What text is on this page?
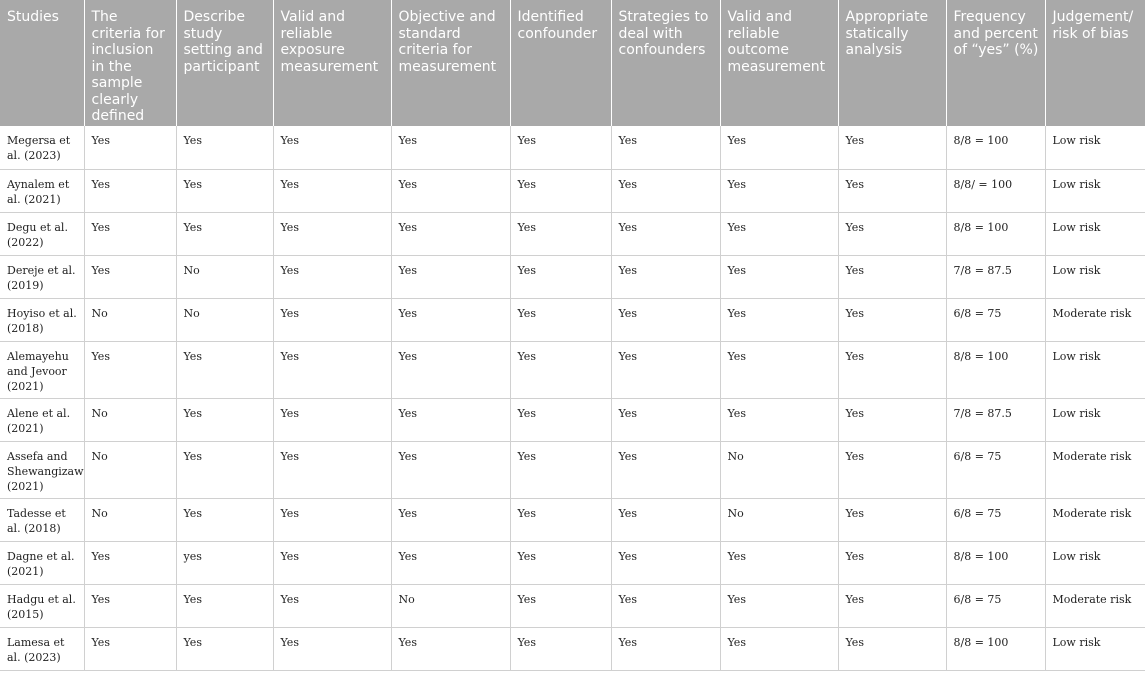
Studies	The criteria for inclusion in the sample clearly defined	Describe study setting and participant	Valid and reliable exposure measurement	Objective and standard criteria for measurement	Identified confounder	Strategies to deal with confounders	Valid and reliable outcome measurement	Appropriate statically analysis	Frequency and percent of “yes” (%)	Judgement/ risk of bias
Megersa et al. (2023)	Yes	Yes	Yes	Yes	Yes	Yes	Yes	Yes	8/8 = 100	Low risk
Aynalem et al. (2021)	Yes	Yes	Yes	Yes	Yes	Yes	Yes	Yes	8/8/ = 100	Low risk
Degu et al. (2022)	Yes	Yes	Yes	Yes	Yes	Yes	Yes	Yes	8/8 = 100	Low risk
Dereje et al. (2019)	Yes	No	Yes	Yes	Yes	Yes	Yes	Yes	7/8 = 87.5	Low risk
Hoyiso et al. (2018)	No	No	Yes	Yes	Yes	Yes	Yes	Yes	6/8 = 75	Moderate risk
Alemayehu and Jevoor (2021)	Yes	Yes	Yes	Yes	Yes	Yes	Yes	Yes	8/8 = 100	Low risk
Alene et al. (2021)	No	Yes	Yes	Yes	Yes	Yes	Yes	Yes	7/8 = 87.5	Low risk
Assefa and Shewangizaw (2021)	No	Yes	Yes	Yes	Yes	Yes	No	Yes	6/8 = 75	Moderate risk
Tadesse et al. (2018)	No	Yes	Yes	Yes	Yes	Yes	No	Yes	6/8 = 75	Moderate risk
Dagne et al. (2021)	Yes	yes	Yes	Yes	Yes	Yes	Yes	Yes	8/8 = 100	Low risk
Hadgu et al. (2015)	Yes	Yes	Yes	No	Yes	Yes	Yes	Yes	6/8 = 75	Moderate risk
Lamesa et al. (2023)	Yes	Yes	Yes	Yes	Yes	Yes	Yes	Yes	8/8 = 100	Low risk
